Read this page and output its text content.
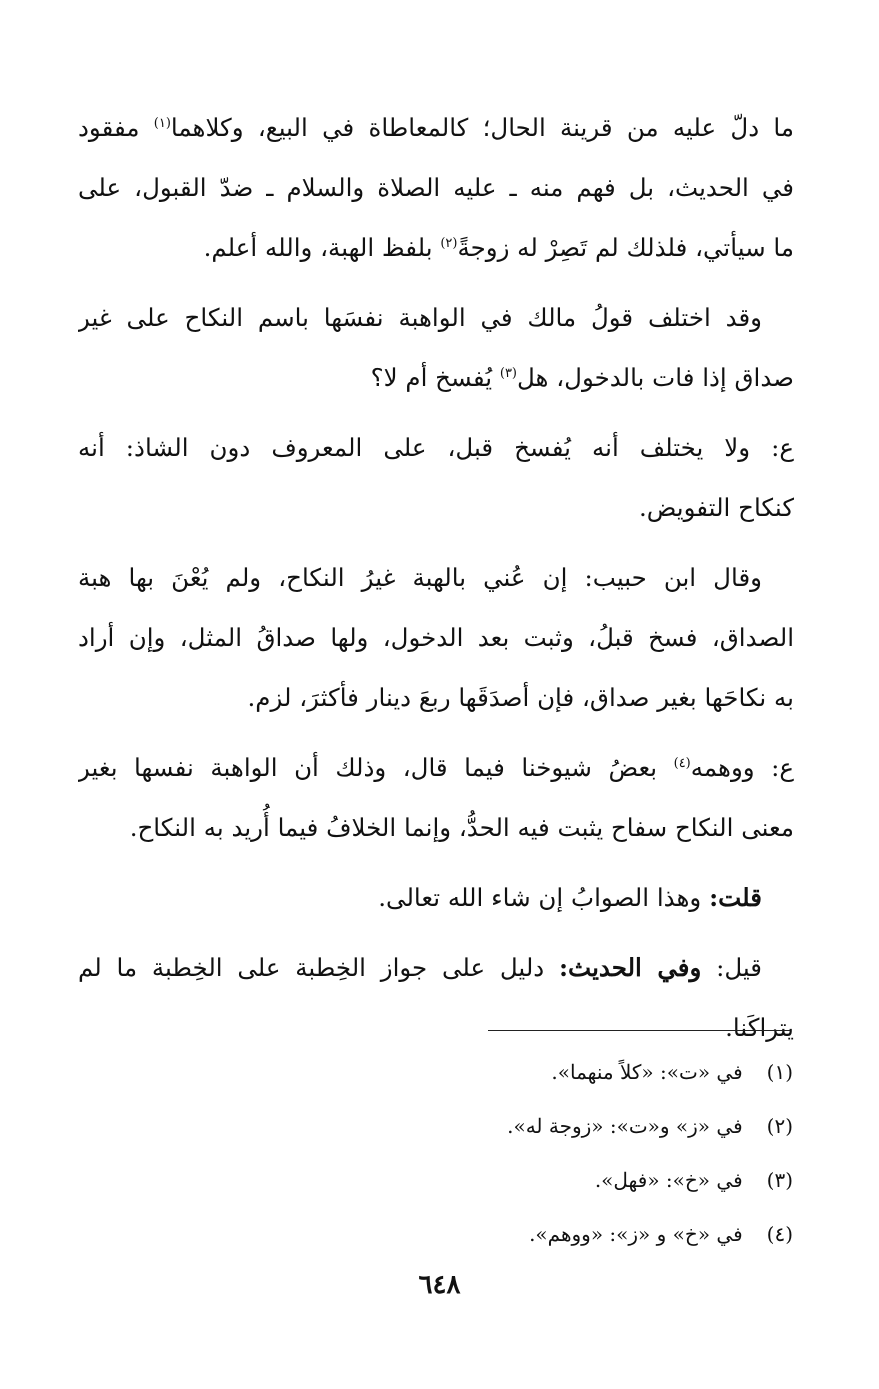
ما دلّ عليه من قرينة الحال؛ كالمعاطاة في البيع، وكلاهما$^{(١)}$ مفقود
في الحديث، بل فهم منه ـ عليه الصلاة والسلام ـ ضدّ القبول، على
ما سيأتي، فلذلك لم تَصِرْ له زوجةً$^{(٢)}$ بلفظ الهبة، والله أعلم.

وقد اختلف قولُ مالك في الواهبة نفسَها باسم النكاح على غير
صداق إذا فات بالدخول، هل$^{(٣)}$ يُفسخ أم لا؟

ع: ولا يختلف أنه يُفسخ قبل، على المعروف دون الشاذ: أنه
كنكاح التفويض.

وقال ابن حبيب: إن عُني بالهبة غيرُ النكاح، ولم يُعْنَ بها هبة
الصداق، فسخ قبلُ، وثبت بعد الدخول، ولها صداقُ المثل، وإن أراد
به نكاحَها بغير صداق، فإن أصدَقَها ربعَ دينار فأكثرَ، لزم.

ع: ووهمه$^{(٤)}$ بعضُ شيوخنا فيما قال، وذلك أن الواهبة نفسها بغير
معنى النكاح سفاح يثبت فيه الحدُّ، وإنما الخلافُ فيما أُريد به النكاح.

قلت: وهذا الصوابُ إن شاء الله تعالى.

قيل: وفي الحديث: دليل على جواز الخِطبة على الخِطبة ما لم
يتراكَنا.

(١) في «ت»: «كلاً منهما».
(٢) في «ز» و«ت»: «زوجة له».
(٣) في «خ»: «فهل».
(٤) في «خ» و «ز»: «ووهم».
٦٤٨
